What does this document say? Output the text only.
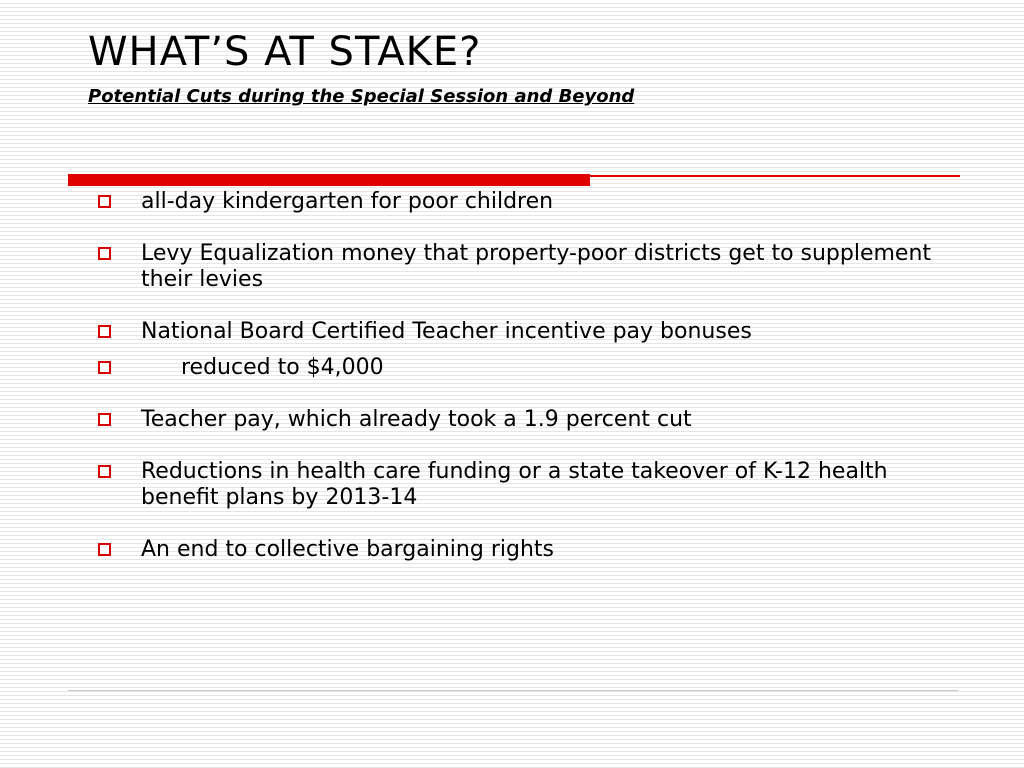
WHAT’S AT STAKE?
Potential Cuts during the Special Session and Beyond
all-day kindergarten for poor children
Levy Equalization money that property-poor districts get to supplement their levies
National Board Certified Teacher incentive pay bonuses
reduced to $4,000
Teacher pay, which already took a 1.9 percent cut
Reductions in health care funding or a state takeover of K-12 health benefit plans by 2013-14
An end to collective bargaining rights
